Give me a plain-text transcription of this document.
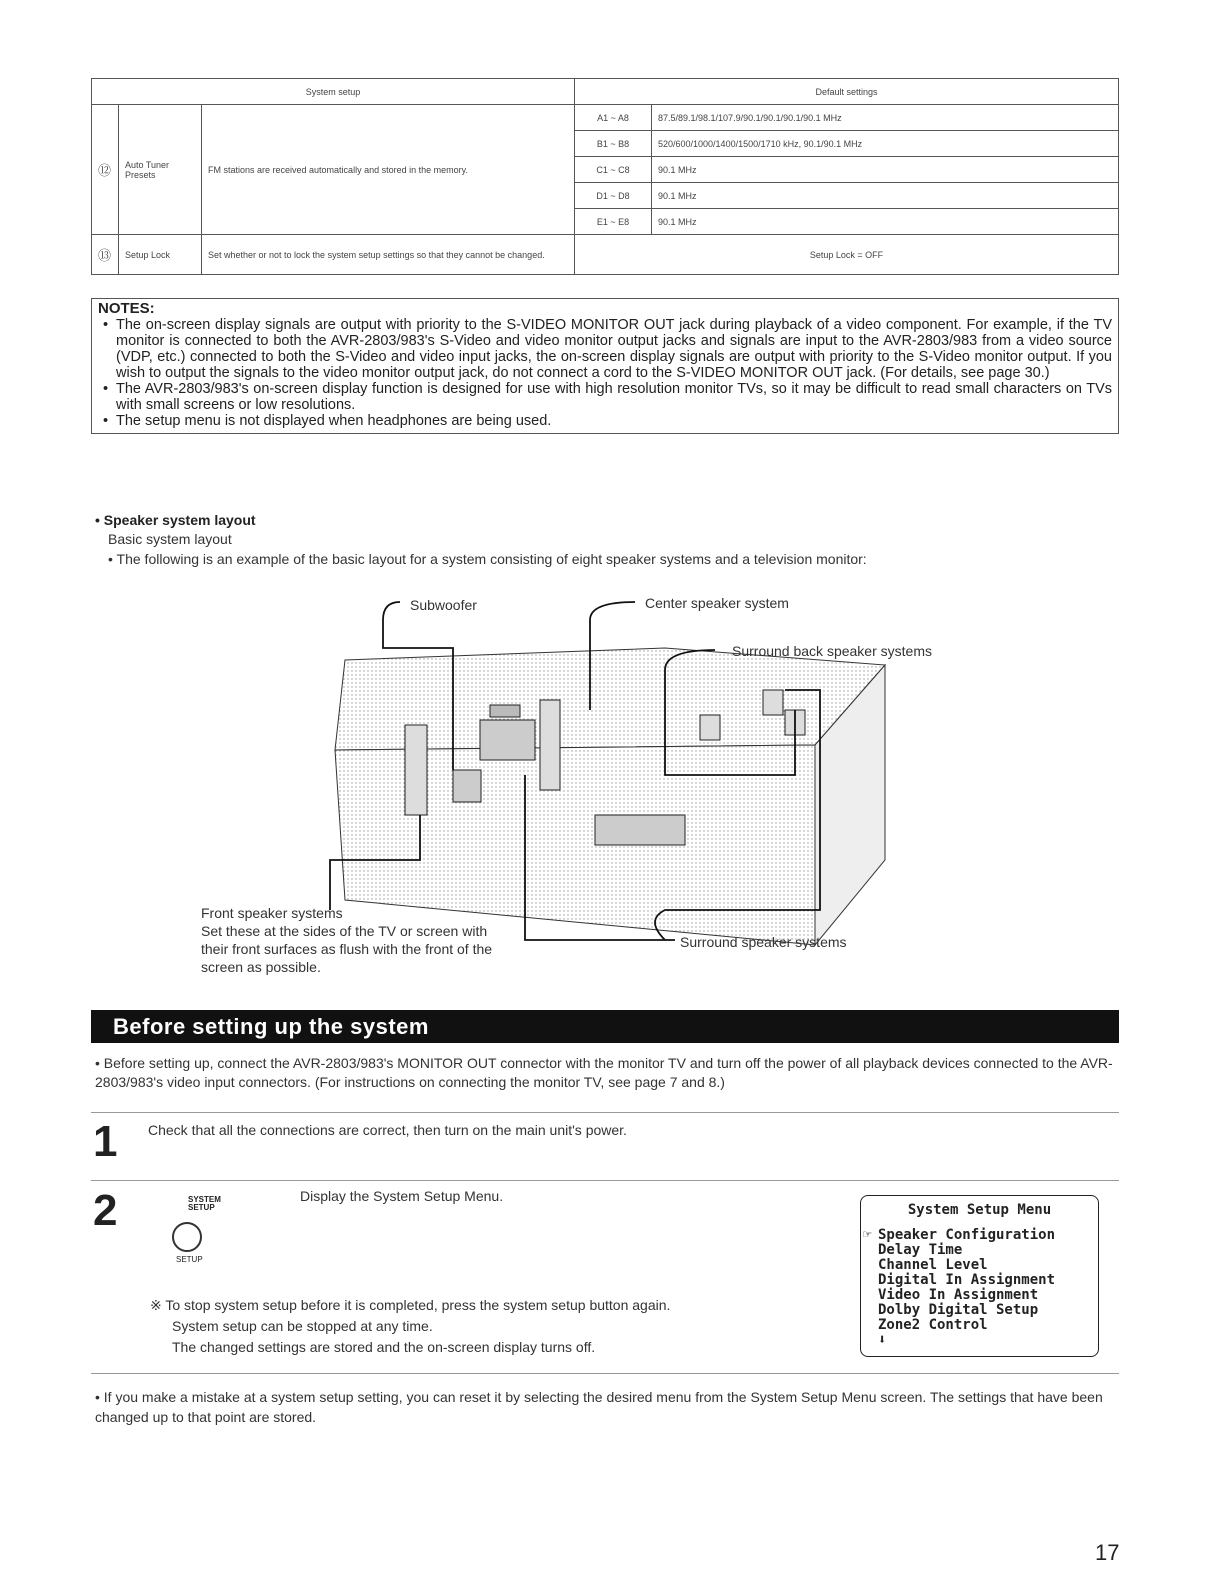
System setup			Default settings	
⑫	Auto Tuner Presets	FM stations are received automatically and stored in the memory.	A1 ~ A8	87.5/89.1/98.1/107.9/90.1/90.1/90.1/90.1 MHz
			B1 ~ B8	520/600/1000/1400/1500/1710 kHz, 90.1/90.1 MHz
			C1 ~ C8	90.1 MHz
			D1 ~ D8	90.1 MHz
			E1 ~ E8	90.1 MHz
⑬	Setup Lock	Set whether or not to lock the system setup settings so that they cannot be changed.	Setup Lock = OFF	
NOTES:
• The on-screen display signals are output with priority to the S-VIDEO MONITOR OUT jack during playback of a video component. For example, if the TV monitor is connected to both the AVR-2803/983's S-Video and video monitor output jacks and signals are input to the AVR-2803/983 from a video source (VDP, etc.) connected to both the S-Video and video input jacks, the on-screen display signals are output with priority to the S-Video monitor output. If you wish to output the signals to the video monitor output jack, do not connect a cord to the S-VIDEO MONITOR OUT jack. (For details, see page 30.)
• The AVR-2803/983's on-screen display function is designed for use with high resolution monitor TVs, so it may be difficult to read small characters on TVs with small screens or low resolutions.
• The setup menu is not displayed when headphones are being used.
• Speaker system layout
Basic system layout
• The following is an example of the basic layout for a system consisting of eight speaker systems and a television monitor:
Subwoofer	Center speaker system
Surround back speaker systems
Surround speaker systems
Front speaker systems
Set these at the sides of the TV or screen with their front surfaces as flush with the front of the screen as possible.
Before setting up the system
• Before setting up, connect the AVR-2803/983's MONITOR OUT connector with the monitor TV and turn off the power of all playback devices connected to the AVR-2803/983's video input connectors. (For instructions on connecting the monitor TV, see page 7 and 8.)
1 Check that all the connections are correct, then turn on the main unit's power.
2	SYSTEM SETUP
SETUP
Display the System Setup Menu.
※ To stop system setup before it is completed, press the system setup button again.
System setup can be stopped at any time.
The changed settings are stored and the on-screen display turns off.
System Setup Menu
☞ Speaker Configuration
Delay Time
Channel Level
Digital In Assignment
Video In Assignment
Dolby Digital Setup
Zone2 Control
⬇
• If you make a mistake at a system setup setting, you can reset it by selecting the desired menu from the System Setup Menu screen. The settings that have been changed up to that point are stored.
17
